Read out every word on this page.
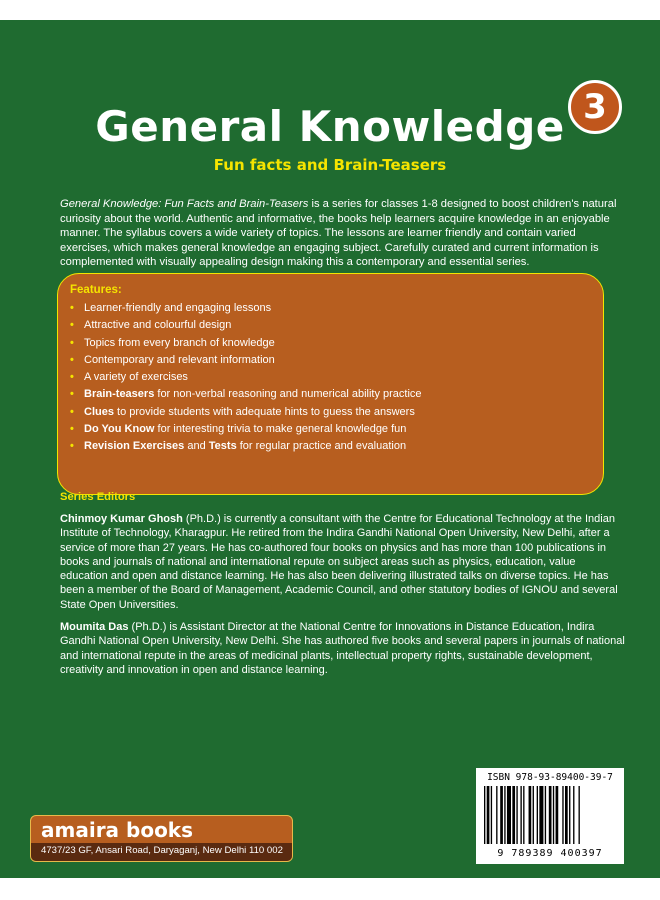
3
General Knowledge
Fun facts and Brain-Teasers
General Knowledge: Fun Facts and Brain-Teasers is a series for classes 1-8 designed to boost children's natural curiosity about the world. Authentic and informative, the books help learners acquire knowledge in an enjoyable manner. The syllabus covers a wide variety of topics. The lessons are learner friendly and contain varied exercises, which makes general knowledge an engaging subject. Carefully curated and current information is complemented with visually appealing design making this a contemporary and essential series.
Features:
• Learner-friendly and engaging lessons
• Attractive and colourful design
• Topics from every branch of knowledge
• Contemporary and relevant information
• A variety of exercises
• Brain-teasers for non-verbal reasoning and numerical ability practice
• Clues to provide students with adequate hints to guess the answers
• Do You Know for interesting trivia to make general knowledge fun
• Revision Exercises and Tests for regular practice and evaluation
Series Editors
Chinmoy Kumar Ghosh (Ph.D.) is currently a consultant with the Centre for Educational Technology at the Indian Institute of Technology, Kharagpur. He retired from the Indira Gandhi National Open University, New Delhi, after a service of more than 27 years. He has co-authored four books on physics and has more than 100 publications in books and journals of national and international repute on subject areas such as physics, education, value education and open and distance learning. He has also been delivering illustrated talks on diverse topics. He has been a member of the Board of Management, Academic Council, and other statutory bodies of IGNOU and several State Open Universities.
Moumita Das (Ph.D.) is Assistant Director at the National Centre for Innovations in Distance Education, Indira Gandhi National Open University, New Delhi. She has authored five books and several papers in journals of national and international repute in the areas of medicinal plants, intellectual property rights, sustainable development, creativity and innovation in open and distance learning.
ISBN 978-93-89400-39-7
9 789389 400397
amaira books
4737/23 GF, Ansari Road, Daryaganj, New Delhi 110 002
